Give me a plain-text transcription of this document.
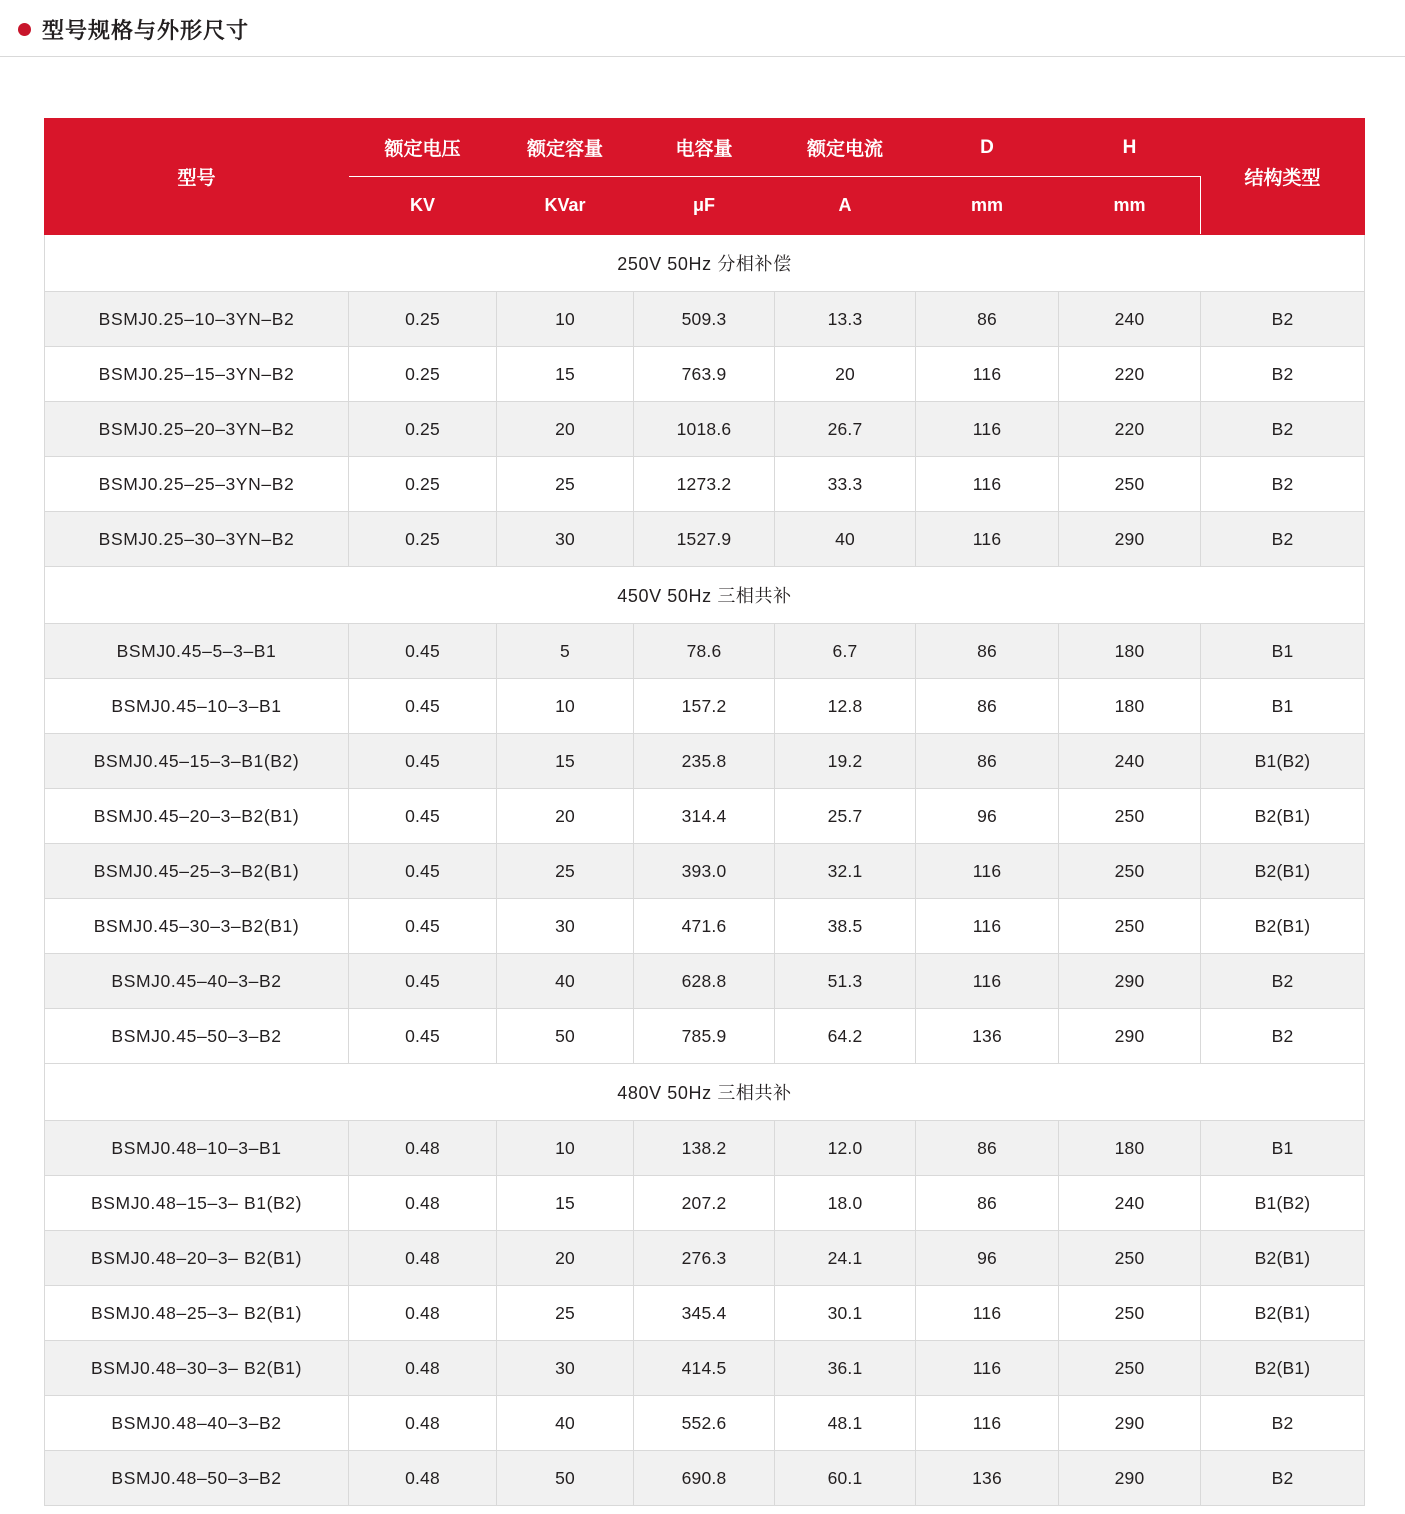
型号规格与外形尺寸
型号	额定电压	额定容量	电容量	额定电流	D	H	结构类型
	KV	KVar	μF	A	mm	mm	
250V 50Hz 分相补偿							
BSMJ0.25–10–3YN–B2	0.25	10	509.3	13.3	86	240	B2
BSMJ0.25–15–3YN–B2	0.25	15	763.9	20	116	220	B2
BSMJ0.25–20–3YN–B2	0.25	20	1018.6	26.7	116	220	B2
BSMJ0.25–25–3YN–B2	0.25	25	1273.2	33.3	116	250	B2
BSMJ0.25–30–3YN–B2	0.25	30	1527.9	40	116	290	B2
450V 50Hz 三相共补							
BSMJ0.45–5–3–B1	0.45	5	78.6	6.7	86	180	B1
BSMJ0.45–10–3–B1	0.45	10	157.2	12.8	86	180	B1
BSMJ0.45–15–3–B1(B2)	0.45	15	235.8	19.2	86	240	B1(B2)
BSMJ0.45–20–3–B2(B1)	0.45	20	314.4	25.7	96	250	B2(B1)
BSMJ0.45–25–3–B2(B1)	0.45	25	393.0	32.1	116	250	B2(B1)
BSMJ0.45–30–3–B2(B1)	0.45	30	471.6	38.5	116	250	B2(B1)
BSMJ0.45–40–3–B2	0.45	40	628.8	51.3	116	290	B2
BSMJ0.45–50–3–B2	0.45	50	785.9	64.2	136	290	B2
480V 50Hz 三相共补							
BSMJ0.48–10–3–B1	0.48	10	138.2	12.0	86	180	B1
BSMJ0.48–15–3– B1(B2)	0.48	15	207.2	18.0	86	240	B1(B2)
BSMJ0.48–20–3– B2(B1)	0.48	20	276.3	24.1	96	250	B2(B1)
BSMJ0.48–25–3– B2(B1)	0.48	25	345.4	30.1	116	250	B2(B1)
BSMJ0.48–30–3– B2(B1)	0.48	30	414.5	36.1	116	250	B2(B1)
BSMJ0.48–40–3–B2	0.48	40	552.6	48.1	116	290	B2
BSMJ0.48–50–3–B2	0.48	50	690.8	60.1	136	290	B2
